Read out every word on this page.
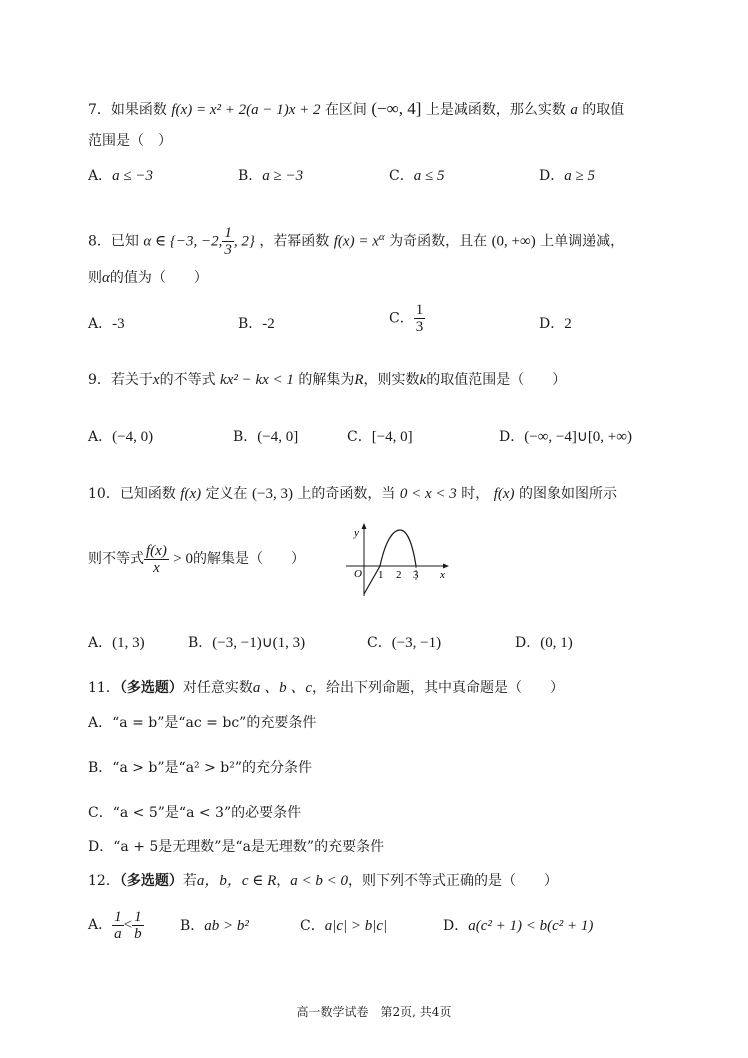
7．如果函数 f(x) = x² + 2(a − 1)x + 2 在区间 (−∞, 4] 上是减函数，那么实数 a 的取值
范围是（　）
A．a ≤ −3	B．a ≥ −3	C．a ≤ 5	D．a ≥ 5
8．已知 α ∈ {−3, −2, $\frac{1}{3}$ , 2} ，若幂函数 $f(x) = x^\alpha$ 为奇函数，且在 (0, +∞) 上单调递减，
则α的值为（　　）
A．-3	B．-2	C． $\frac{1}{3}$	D．2
9．若关于x的不等式 kx² − kx < 1 的解集为R，则实数k的取值范围是（　　）
A．(−4, 0)	B．(−4, 0]	C．[−4, 0]	D．(−∞, −4]∪[0, +∞)
10．已知函数 f(x) 定义在 (−3, 3) 上的奇函数，当 0 < x < 3 时， f(x) 的图象如图所示
则不等式 $\frac{f(x)}{x} > 0$的解集是（　　）
y
O 1 2 3 x
A．(1, 3)	B．(−3, −1)∪(1, 3)	C．(−3, −1)	D．(0, 1)
11．（多选题）对任意实数a 、b 、c，给出下列命题，其中真命题是（　　）
A．“a = b”是“ac = bc”的充要条件
B．“a > b”是“a² > b²”的充分条件
C．“a < 5”是“a < 3”的必要条件
D．“a + 5是无理数”是“a是无理数”的充要条件
12．（多选题）若a，b，c ∈ R，a < b < 0，则下列不等式正确的是（　　）
A． $\frac{1}{a} < \frac{1}{b}$	B．ab > b²	C．a|c| > b|c|	D．a(c² + 1) < b(c² + 1)
高一数学试卷　第2页, 共4页
